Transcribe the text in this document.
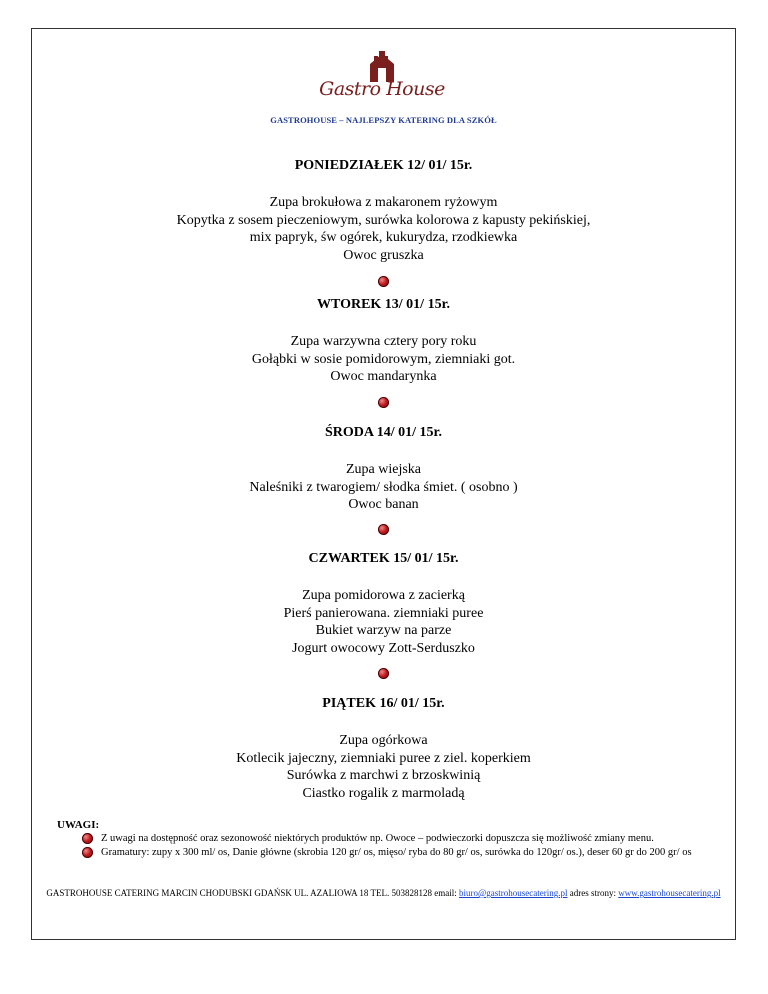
Gastro House
GASTROHOUSE – NAJLEPSZY KATERING DLA SZKÓŁ
PONIEDZIAŁEK 12/ 01/ 15r.
Zupa brokułowa z makaronem ryżowym
Kopytka z sosem pieczeniowym, surówka kolorowa z kapusty pekińskiej,
mix papryk, św ogórek, kukurydza, rzodkiewka
Owoc gruszka
WTOREK 13/ 01/ 15r.
Zupa warzywna cztery pory roku
Gołąbki w sosie pomidorowym, ziemniaki got.
Owoc mandarynka
ŚRODA 14/ 01/ 15r.
Zupa wiejska
Naleśniki z twarogiem/ słodka śmiet. ( osobno )
Owoc banan
CZWARTEK 15/ 01/ 15r.
Zupa pomidorowa z zacierką
Pierś panierowana. ziemniaki puree
Bukiet warzyw na parze
Jogurt owocowy Zott-Serduszko
PIĄTEK 16/ 01/ 15r.
Zupa ogórkowa
Kotlecik jajeczny, ziemniaki puree z ziel. koperkiem
Surówka z marchwi z brzoskwinią
Ciastko rogalik z marmoladą
UWAGI:
Z uwagi na dostępność oraz sezonowość niektórych produktów np. Owoce – podwieczorki dopuszcza się możliwość zmiany menu.
Gramatury: zupy x 300 ml/ os, Danie główne (skrobia 120 gr/ os, mięso/ ryba do 80 gr/ os, surówka do 120gr/ os.), deser 60 gr do 200 gr/ os
GASTROHOUSE CATERING MARCIN CHODUBSKI GDAŃSK UL. AZALIOWA 18 TEL. 503828128 email: biuro@gastrohousecatering.pl adres strony: www.gastrohousecatering.pl
